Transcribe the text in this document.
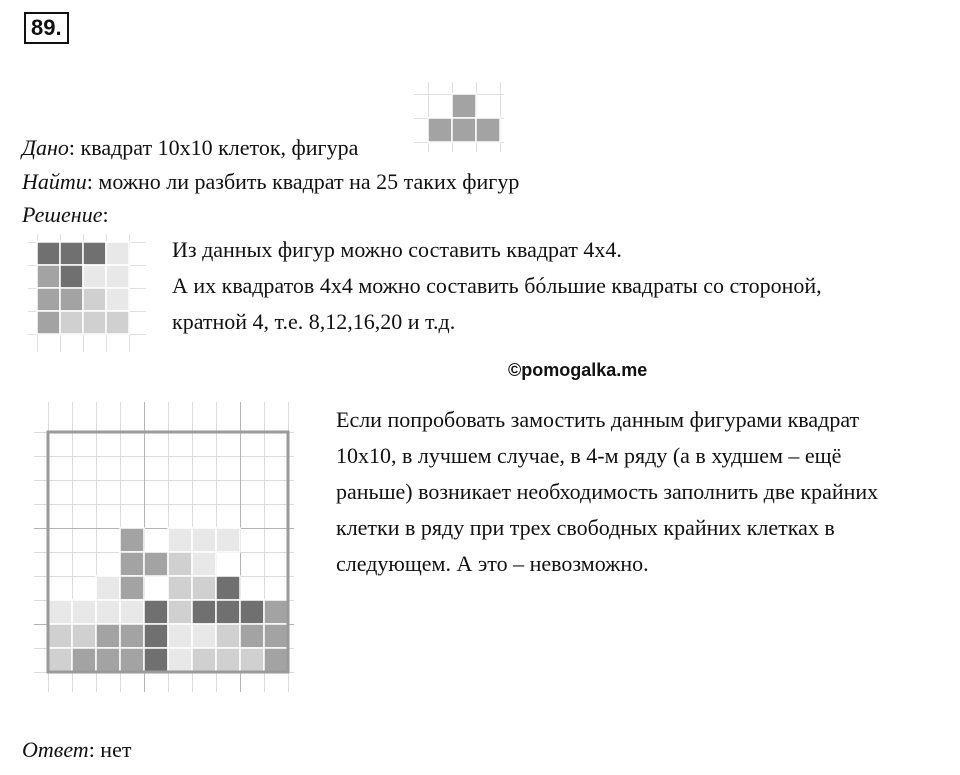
89.
Дано: квадрат 10х10 клеток, фигура
Найти: можно ли разбить квадрат на 25 таких фигур
Решение:

Из данных фигур можно составить квадрат 4х4.

А их квадратов 4х4 можно составить бóльшие квадраты со стороной,

кратной 4, т.е. 8,12,16,20 и т.д.

©pomogalka.me

Если попробовать замостить данным фигурами квадрат

10х10, в лучшем случае, в 4-м ряду (а в худшем – ещё

раньше) возникает необходимость заполнить две крайних

клетки в ряду при трех свободных крайних клетках в

следующем. А это – невозможно.

Ответ: нет
